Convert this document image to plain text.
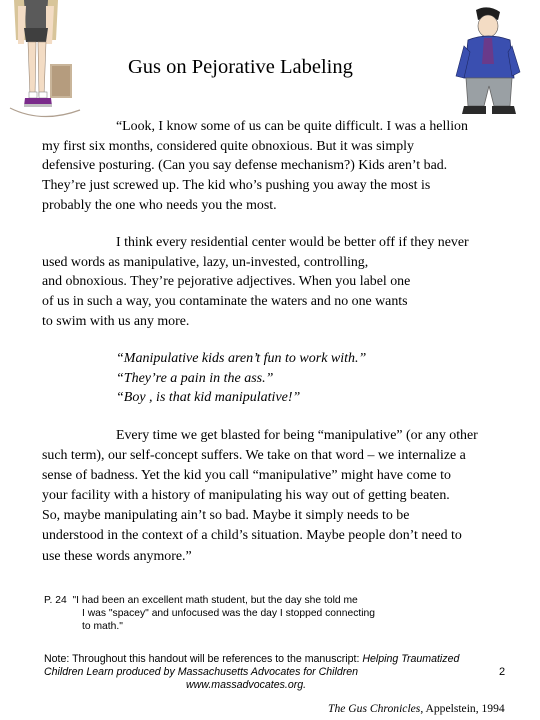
Gus on Pejorative Labeling
“Look, I know some of us can be quite difficult. I was a hellion
my first six months, considered quite obnoxious. But it was simply
defensive posturing. (Can you say defense mechanism?) Kids aren’t bad.
They’re just screwed up. The kid who’s pushing you away the most is
probably the one who needs you the most.
I think every residential center would be better off if they never
used words as manipulative, lazy, un-invested, controlling,
and obnoxious. They’re pejorative adjectives. When you label one
of us in such a way, you contaminate the waters and no one wants
to swim with us any more.
“Manipulative kids aren’t fun to work with.”
“They’re a pain in the ass.”
“Boy , is that kid manipulative!”
Every time we get blasted for being “manipulative” (or any other
such term), our self-concept suffers. We take on that word – we internalize a
sense of badness. Yet the kid you call “manipulative” might have come to
your facility with a history of manipulating his way out of getting beaten.
So, maybe manipulating ain’t so bad. Maybe it simply needs to be
understood in the context of a child’s situation. Maybe people don’t need to
use these words anymore.”
P. 24 "I had been an excellent math student, but the day she told me
I was "spacey" and unfocused was the day I stopped connecting
to math."
Note: Throughout this handout will be references to the manuscript: Helping Traumatized
Children Learn produced by Massachusetts Advocates for Children
www.massadvocates.org.
2
The Gus Chronicles, Appelstein, 1994
